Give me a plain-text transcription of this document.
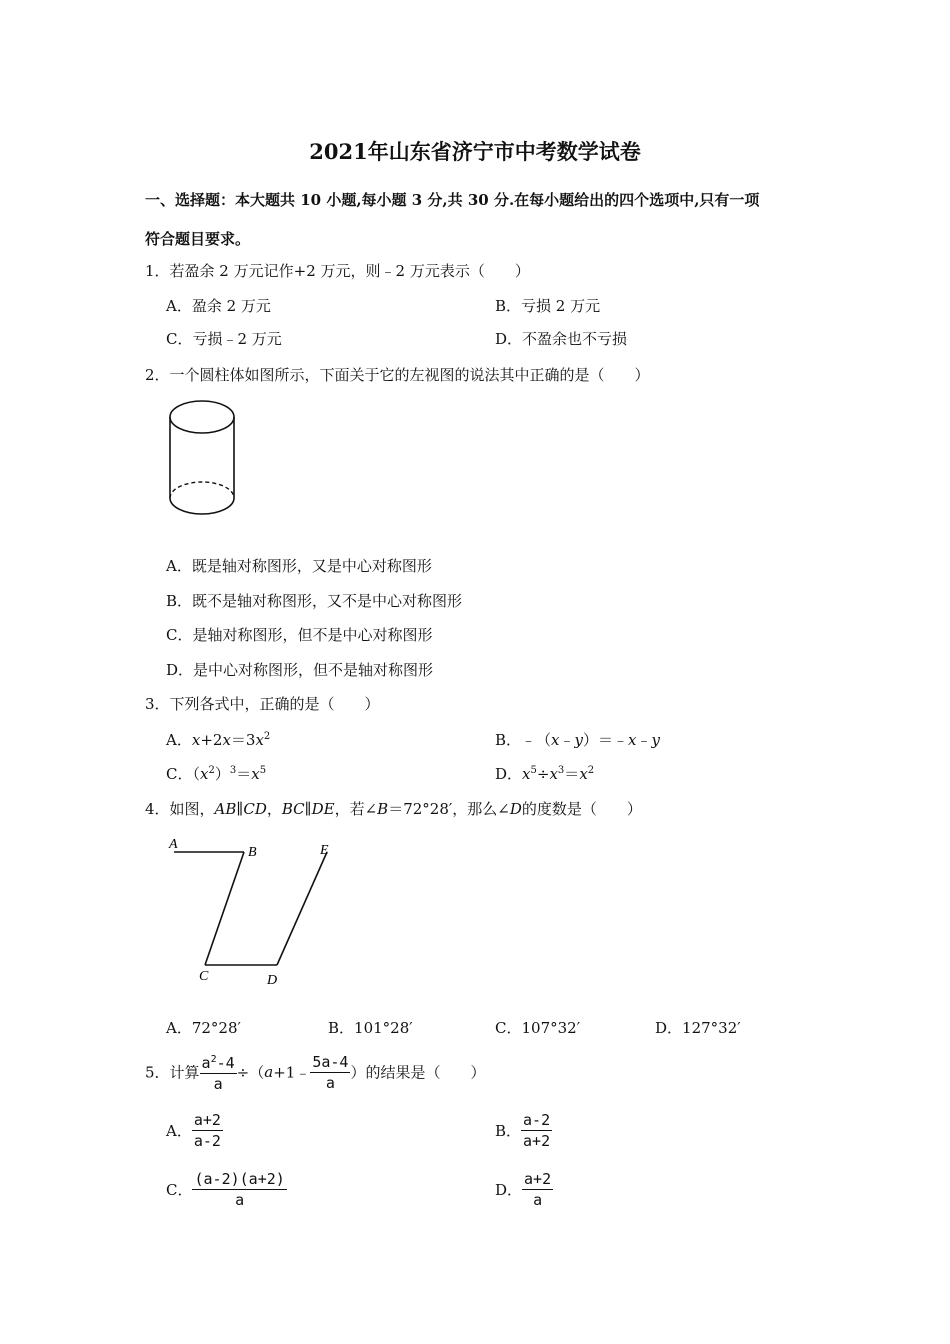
2021年山东省济宁市中考数学试卷
一、选择题：本大题共 10 小题,每小题 3 分,共 30 分.在每小题给出的四个选项中,只有一项
符合题目要求。
1．若盈余 2 万元记作+2 万元，则﹣2 万元表示（　　）
A．盈余 2 万元	B．亏损 2 万元
C．亏损﹣2 万元	D．不盈余也不亏损
2．一个圆柱体如图所示，下面关于它的左视图的说法其中正确的是（　　）
A．既是轴对称图形，又是中心对称图形
B．既不是轴对称图形，又不是中心对称图形
C．是轴对称图形，但不是中心对称图形
D．是中心对称图形，但不是轴对称图形
3．下列各式中，正确的是（　　）
A．$x+2x=3x^2$	B．﹣（x﹣y）＝﹣x﹣y
C．$(x^2)^3=x^5$	D．$x^5\div x^3=x^2$
4．如图，AB∥CD，BC∥DE，若∠B＝72°28′，那么∠D的度数是（　　）
A
B	E
C	D
A．72°28′	B．101°28′	C．107°32′	D．127°32′
5．计算 $\frac{a^2-4}{a}$ ÷（a+1﹣ $\frac{5a-4}{a}$ ）的结果是（　　）
A． $\frac{a+2}{a-2}$	B． $\frac{a-2}{a+2}$
C． $\frac{(a-2)(a+2)}{a}$	D． $\frac{a+2}{a}$
